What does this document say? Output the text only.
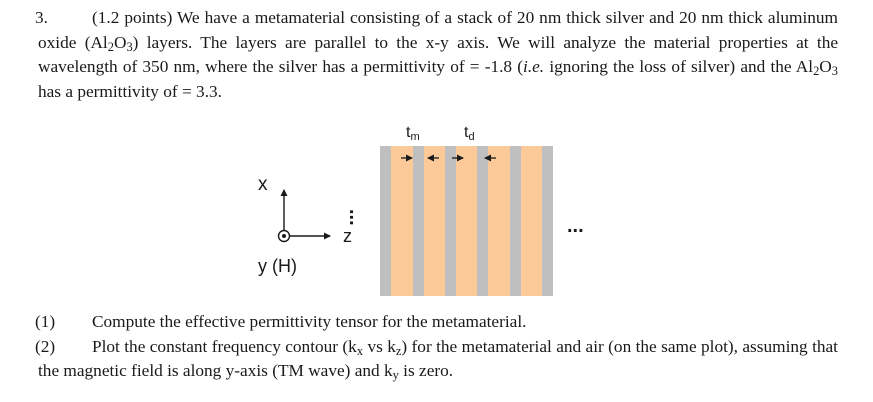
3.	(1.2 points) We have a metamaterial consisting of a stack of 20 nm thick silver and 20 nm thick aluminum oxide $(Al_2O_3)$ layers. The layers are parallel to the x-y axis. We will analyze the material properties at the wavelength of 350 nm, where the silver has a permittivity of = -1.8 (i.e. ignoring the loss of silver) and the $Al_2O_3$ has a permittivity of = 3.3.
tm	td
x
z
y (H)
...	...
(1) Compute the effective permittivity tensor for the metamaterial.
(2) Plot the constant frequency contour ($k_x$ vs $k_z$) for the metamaterial and air (on the same plot), assuming that the magnetic field is along y-axis (TM wave) and $k_y$ is zero.
